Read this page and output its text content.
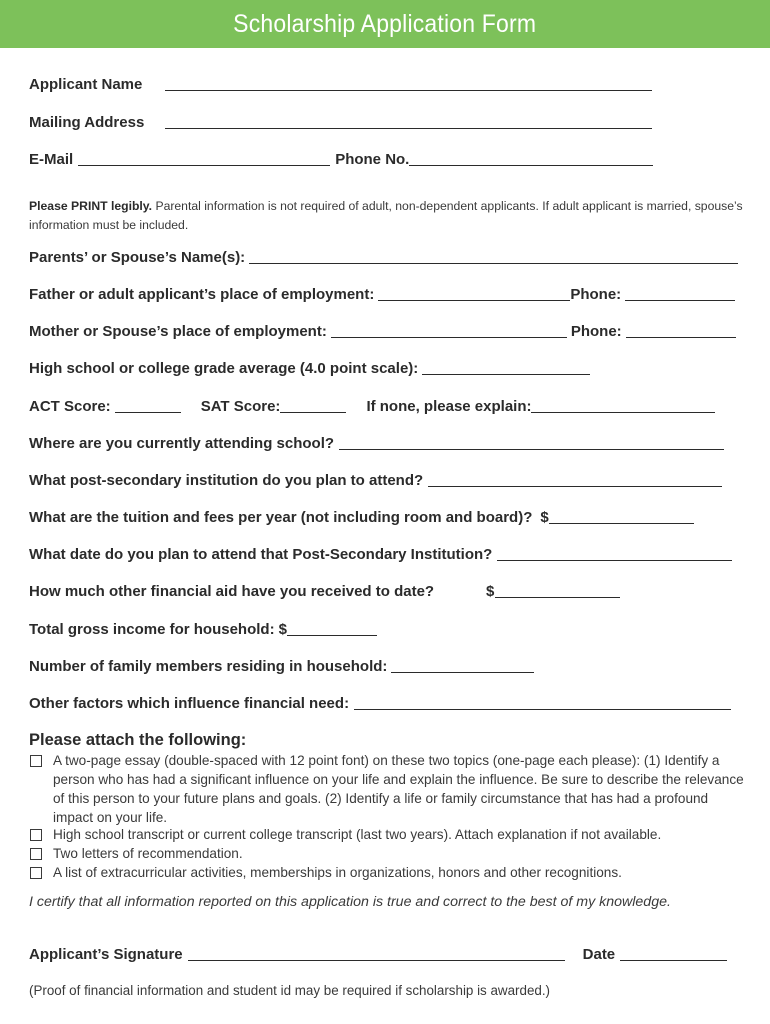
Scholarship Application Form
Applicant Name
Mailing Address
E-Mail	Phone No.
Please PRINT legibly. Parental information is not required of adult, non-dependent applicants. If adult applicant is married, spouse’s information must be included.
Parents’ or Spouse’s Name(s):
Father or adult applicant’s place of employment:	Phone:
Mother or Spouse’s place of employment:	Phone:
High school or college grade average (4.0 point scale):
ACT Score:	SAT Score:	If none, please explain:
Where are you currently attending school?
What post-secondary institution do you plan to attend?
What are the tuition and fees per year (not including room and board)? $
What date do you plan to attend that Post-Secondary Institution?
How much other financial aid have you received to date?	$
Total gross income for household: $
Number of family members residing in household:
Other factors which influence financial need:
Please attach the following:
A two-page essay (double-spaced with 12 point font) on these two topics (one-page each please): (1) Identify a person who has had a significant influence on your life and explain the influence. Be sure to describe the relevance of this person to your future plans and goals. (2) Identify a life or family circumstance that has had a profound impact on your life.
High school transcript or current college transcript (last two years). Attach explanation if not available.
Two letters of recommendation.
A list of extracurricular activities, memberships in organizations, honors and other recognitions.
I certify that all information reported on this application is true and correct to the best of my knowledge.
Applicant’s Signature	Date
(Proof of financial information and student id may be required if scholarship is awarded.)
